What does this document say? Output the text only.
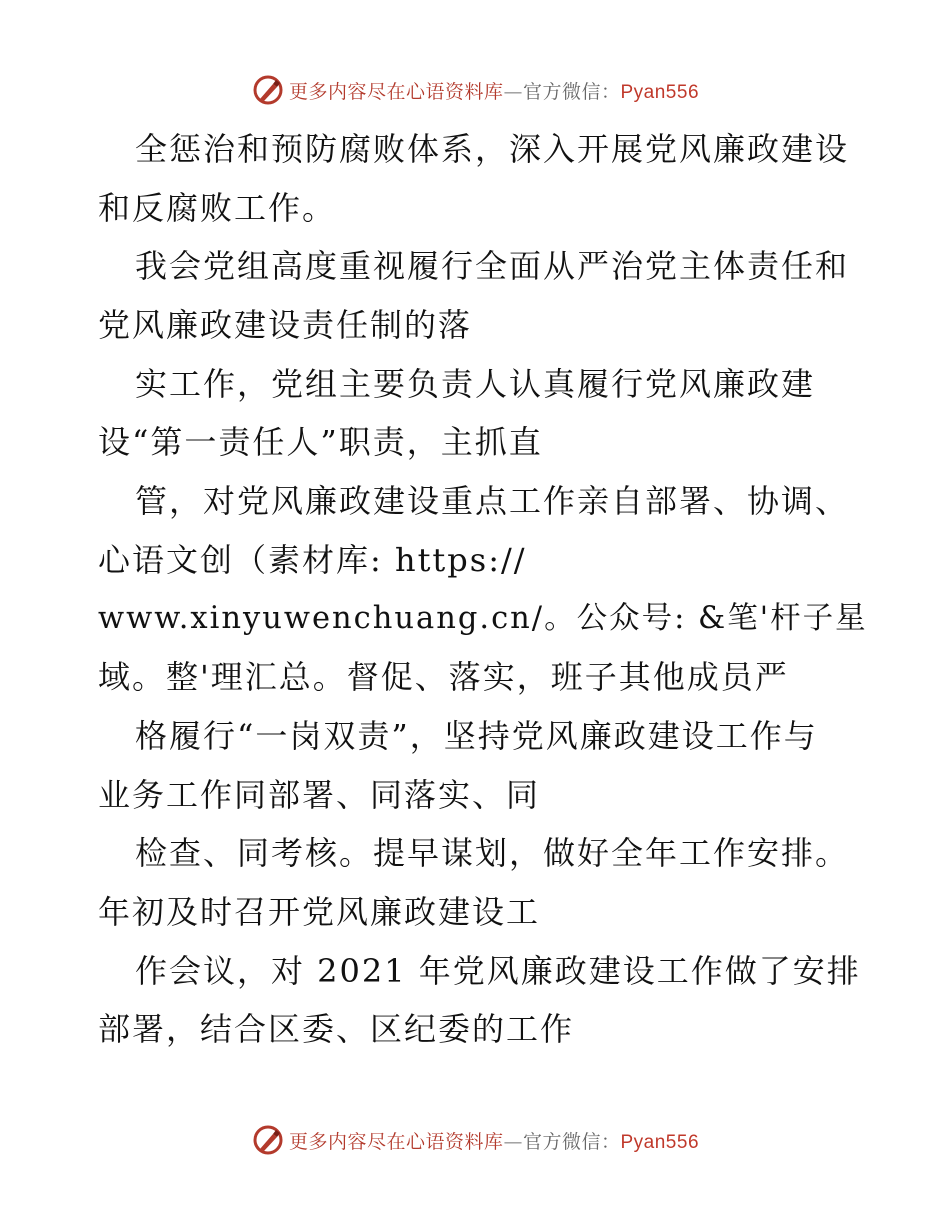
更多内容尽在心语资料库—官方微信：Pyan556
全惩治和预防腐败体系，深入开展党风廉政建设
和反腐败工作。
我会党组高度重视履行全面从严治党主体责任和
党风廉政建设责任制的落
实工作，党组主要负责人认真履行党风廉政建
设“第一责任人”职责，主抓直
管，对党风廉政建设重点工作亲自部署、协调、
心语文创（素材库: https://
www.xinyuwenchuang.cn/。公众号: &笔'杆子星
域。整'理汇总。督促、落实，班子其他成员严
格履行“一岗双责”，坚持党风廉政建设工作与
业务工作同部署、同落实、同
检查、同考核。提早谋划，做好全年工作安排。
年初及时召开党风廉政建设工
作会议，对 2021 年党风廉政建设工作做了安排
部署，结合区委、区纪委的工作
更多内容尽在心语资料库—官方微信：Pyan556
